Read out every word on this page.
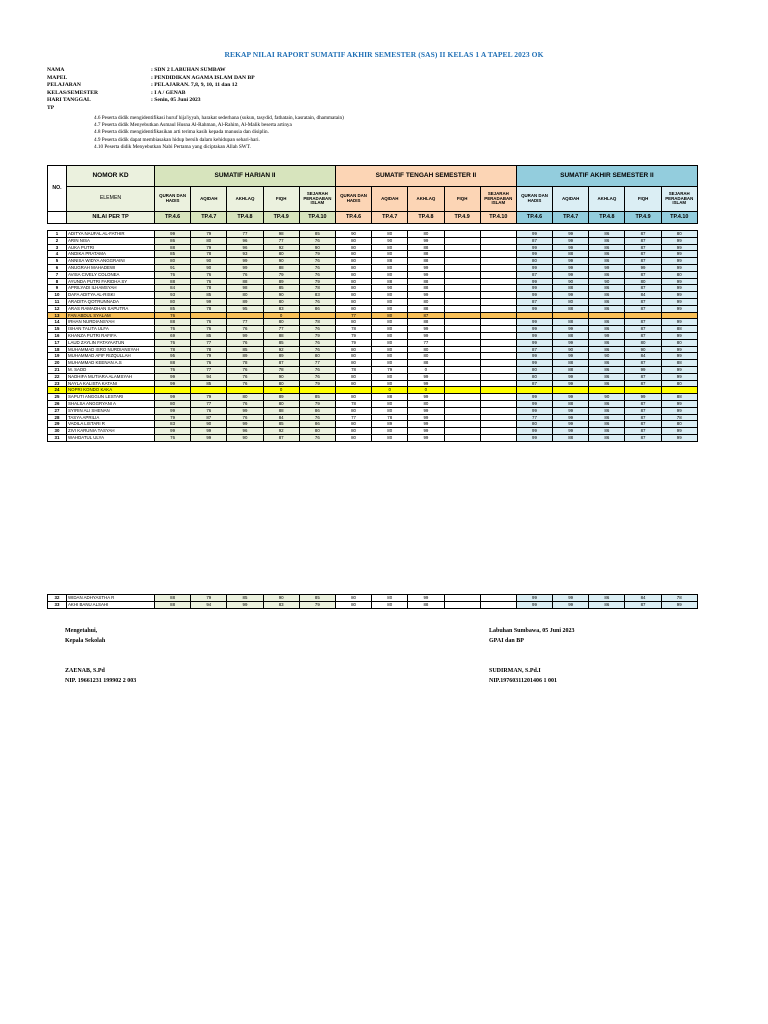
REKAP NILAI RAPORT SUMATIF AKHIR SEMESTER (SAS) II KELAS 1 A TAPEL 2023 OK
NAMA	: SDN 2 LABUHAN SUMBAW
MAPEL	: PENDIDIKAN AGAMA ISLAM DAN BP
PELAJARAN	: PELAJARAN. 7,8, 9, 10, 11 dan 12
KELAS/SEMESTER	: I A / GENAB
HARI TANGGAL	: Senin, 05 Juni 2023
TP
4.6 Peserta didik mengidentifikasi huruf hija'iyyah, harakat sederhana (sukun, tasydid, fathatain, kasratain, dhammatain)
4.7 Peserta didik Menyebutkan Asmaul Husna Al-Rahman, Al-Rahim, Al-Malik beserta artinya
4.8 Peserta didik mengidentifikasikan arti terima kasih kepada manusia dan disiplin.
4.9 Peserta didik dapat membiasakan hidup bersih dalam kehidupan sehari-hari.
4.10 Peserta didik Menyebutkan Nabi Pertama yang diciptakan Allah SWT.
NO.	NOMOR KD	SUMATIF HARIAN II					SUMATIF TENGAH SEMESTER II					SUMATIF AKHIR SEMESTER II				
	ELEMEN	QURAN DAN HADIS	AQIDAH	AKHLAQ	FIQH	SEJARAH PERADABAN ISLAM	QURAN DAN HADIS	AQIDAH	AKHLAQ	FIQH	SEJARAH PERADABAN ISLAM	QURAN DAN HADIS	AQIDAH	AKHLAQ	FIQH	SEJARAH PERADABAN ISLAM
	NILAI PER TP	TP.4.6	TP.4.7	TP.4.8	TP.4.9	TP.4.10	TP.4.6	TP.4.7	TP.4.8	TP.4.9	TP.4.10	TP.4.6	TP.4.7	TP.4.8	TP.4.9	TP.4.10
1	ADITYA NAUFAL AL-FATHIR	99	79	77	98	85	90	80	80			99	99	86	87	80
2	ARIN NISA	86	80	96	77	76	80	90	99			87	99	86	87	99
3	AUKA PUTRI	88	79	96	92	90	80	80	88			99	99	86	87	99
4	ANDIKA PRATAMA	85	78	93	80	79	80	80	88			99	88	86	87	99
5	ANNISA WIDYA ANGGRAINI	80	90	99	90	76	80	88	88			80	99	86	87	99
6	ANUGRAH MAHADEWI	91	90	99	88	76	80	80	99			99	99	99	99	99
7	AVISA CIVELY COLONEA	76	76	76	79	76	80	80	99			87	99	86	87	80
8	AYUNDA PUTRI FARIDHA SY	88	76	88	89	79	80	88	88			99	90	90	80	99
9	APRILYADI ILHAMSYAH	84	78	98	85	78	80	90	88			99	88	86	87	99
10	DAFA ADITYA AL-RISKI	93	85	80	90	83	80	80	99			99	99	86	84	99
11	ARADITA QOTRUNNADA	80	99	89	80	76	80	80	80			87	80	86	87	99
12	ARAS RAMADHAN SAPUTRA	85	78	95	83	86	80	80	88			99	88	86	87	99
13	FAN ABDUL SYALAM	76			0		77	80	87							
14	IRHAN NURDIANSYAH	88	76	77	80	78	80	80	88			99	88	86	87	99
15	ISHAN TALITA ULFA	76	76	76	77	76	78	80	99			99	99	86	87	88
16	KHANZA PUTRI RAFIFA	69	85	99	88	79	79	80	99			99	88	99	87	99
17	LAUD ZAYLIN FATAYAATUN	76	77	76	85	76	79	80	77			99	99	86	80	80
18	MUHAMMAD ISRO NURDIANSYAH	78	78	85	92	76	80	80	80			87	90	86	90	99
19	MUHAMMAD AFIF RIZQULLAH	95	79	89	89	80	80	80	80			99	99	90	84	99
20	MUHAMMAD KEENAN A.S	88	76	78	87	77	80	80	88			99	88	86	87	88
21	M. SADD	76	77	76	78	76	78	79	0			80	88	86	99	99
22	NADHIFA MUTIARA ALAMSYAH	99	94	76	90	76	80	80	99			80	99	86	87	99
23	NAYLA KALISTA KATANI	99	85	76	80	79	80	80	99			87	99	86	87	80
24	NOPRI KONDO KAKA				0			0	0							
25	SAPUTI ANGGUN LESTARI	99	79	80	89	85	80	88	99			99	99	90	99	88
26	SHALSA ANGGRYANI A	80	77	76	80	79	78	80	80			99	88	86	87	99
27	SYIRIN ALI SHENAN	99	76	99	88	86	80	80	99			99	99	86	87	99
28	TASYA APRILIA	79	87	76	84	76	77	78	99			77	99	86	87	78
29	VADILA LISTARI R	83	90	99	85	86	80	89	99			80	99	86	87	80
30	ZIVI KARUNIA TASYAH	99	99	96	92	80	80	80	99			99	99	86	87	99
31	WAHDATUL ULYA	76	99	90	87	76	80	80	99			99	88	86	87	99
32	WIDAN ADHYASTHA R	88	79	85	90	85	80	80	99			99	99	86	84	78
33	AKHI BANU ALSAHI	88	94	99	83	79	80	80	88			99	99	86	87	99
Mengetahui,
Kepala Sekolah
ZAENAB, S.Pd
NIP. 19661231 199902 2 003
Labuhan Sumbawa, 05 Juni 2023
GPAI dan BP
SUDIRMAN, S.Pd.I
NIP.19760311201406 1 001
